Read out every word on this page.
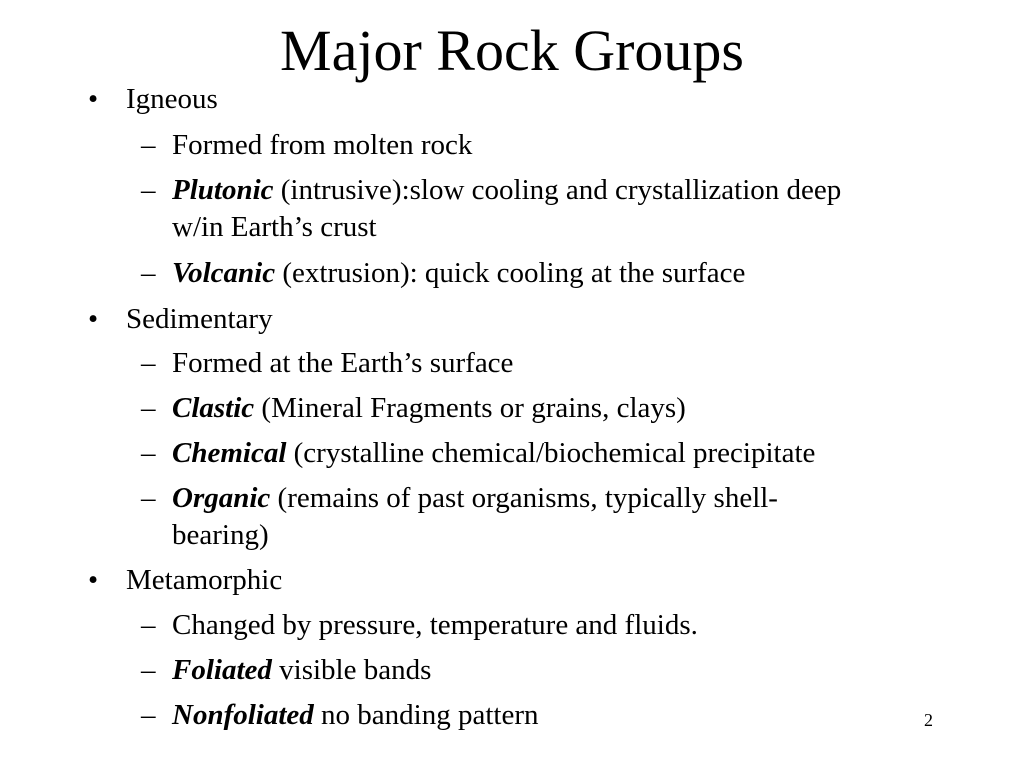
Major Rock Groups
• Igneous
– Formed from molten rock
– Plutonic (intrusive):slow cooling and crystallization deep
w/in Earth’s crust
– Volcanic (extrusion): quick cooling at the surface
• Sedimentary
– Formed at the Earth’s surface
– Clastic (Mineral Fragments or grains, clays)
– Chemical (crystalline chemical/biochemical precipitate
– Organic (remains of past organisms, typically shell-
bearing)
• Metamorphic
– Changed by pressure, temperature and fluids.
– Foliated visible bands
– Nonfoliated no banding pattern	2
